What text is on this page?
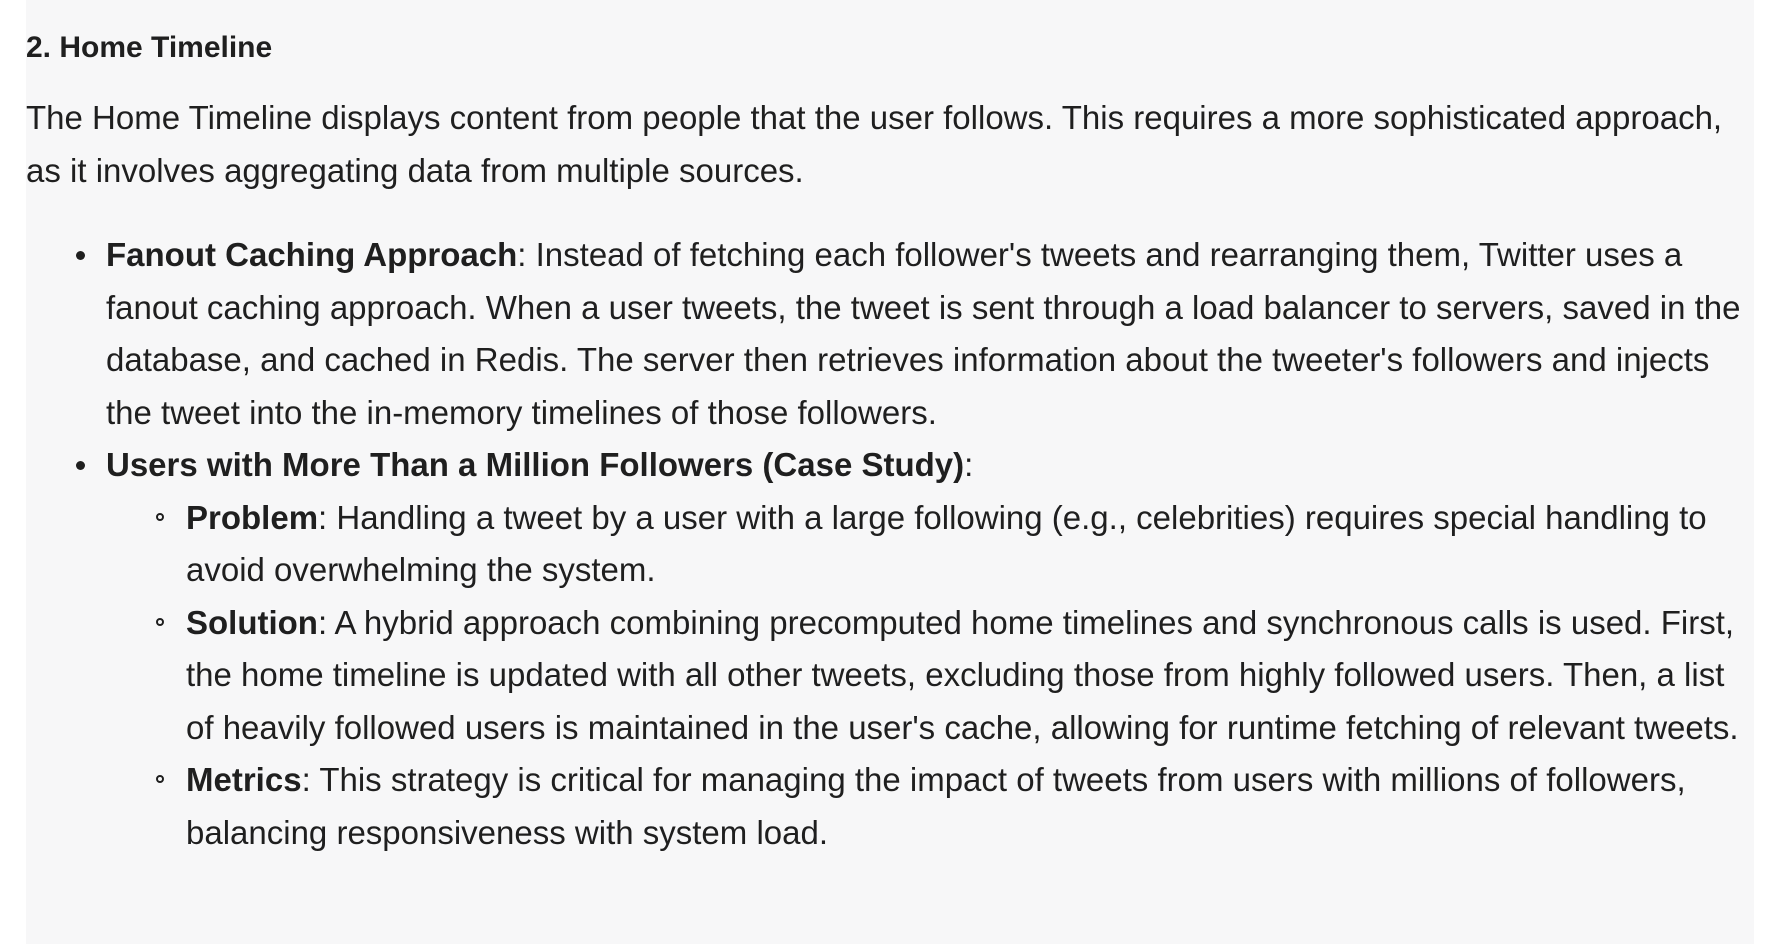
2. Home Timeline

The Home Timeline displays content from people that the user follows. This requires a more sophisticated approach, as it involves aggregating data from multiple sources.

Fanout Caching Approach: Instead of fetching each follower's tweets and rearranging them, Twitter uses a fanout caching approach. When a user tweets, the tweet is sent through a load balancer to servers, saved in the database, and cached in Redis. The server then retrieves information about the tweeter's followers and injects the tweet into the in-memory timelines of those followers.
Users with More Than a Million Followers (Case Study):
Problem: Handling a tweet by a user with a large following (e.g., celebrities) requires special handling to avoid overwhelming the system.
Solution: A hybrid approach combining precomputed home timelines and synchronous calls is used. First, the home timeline is updated with all other tweets, excluding those from highly followed users. Then, a list of heavily followed users is maintained in the user's cache, allowing for runtime fetching of relevant tweets.
Metrics: This strategy is critical for managing the impact of tweets from users with millions of followers, balancing responsiveness with system load.
